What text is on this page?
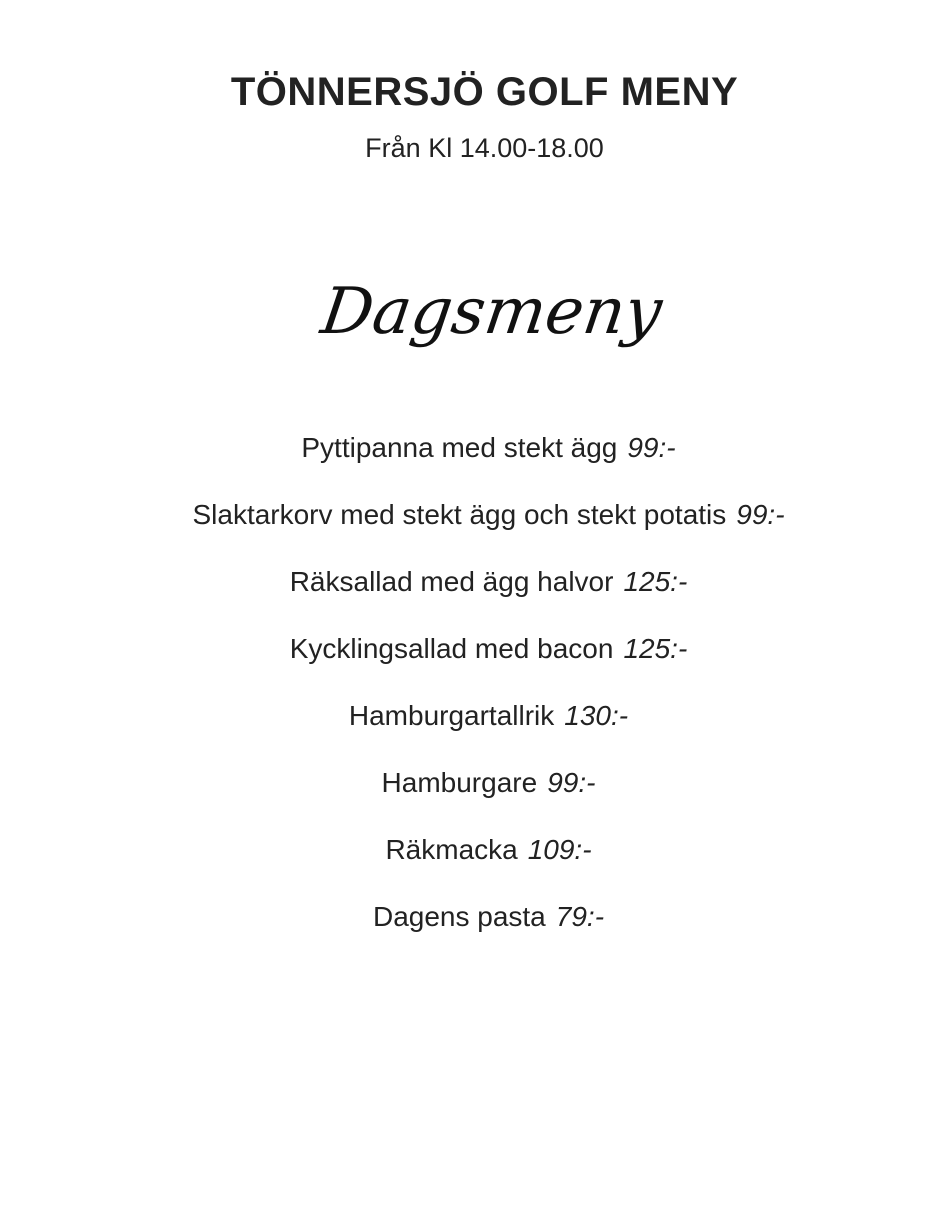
TÖNNERSJÖ GOLF MENY
Från Kl 14.00-18.00
Dagsmeny
Pyttipanna med stekt ägg 99:-
Slaktarkorv med stekt ägg och stekt potatis 99:-
Räksallad med ägg halvor 125:-
Kycklingsallad med bacon 125:-
Hamburgartallrik 130:-
Hamburgare 99:-
Räkmacka 109:-
Dagens pasta 79:-
